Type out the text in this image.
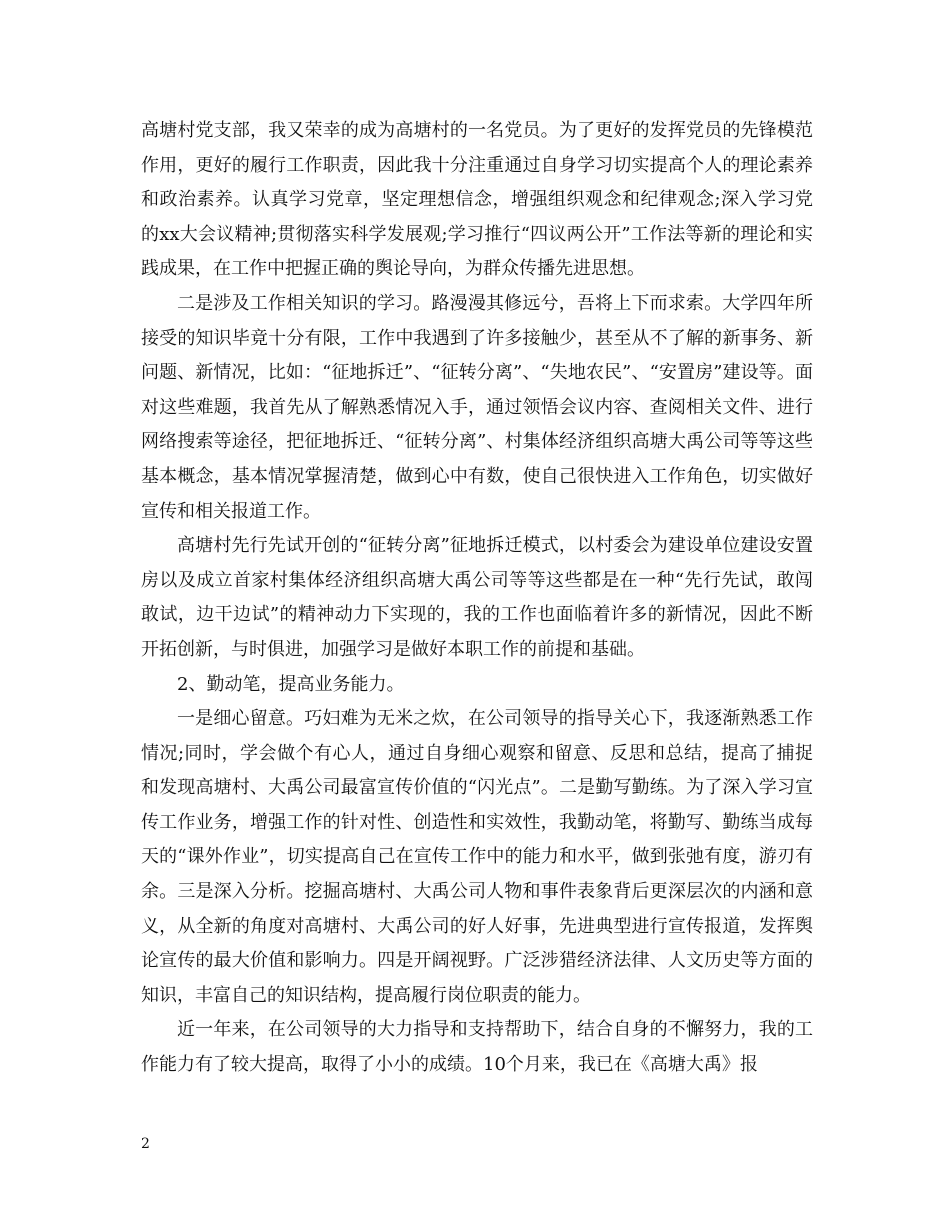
高塘村党支部，我又荣幸的成为高塘村的一名党员。为了更好的发挥党员的先锋模范作用，更好的履行工作职责，因此我十分注重通过自身学习切实提高个人的理论素养和政治素养。认真学习党章，坚定理想信念，增强组织观念和纪律观念;深入学习党的xx大会议精神;贯彻落实科学发展观;学习推行“四议两公开”工作法等新的理论和实践成果，在工作中把握正确的舆论导向，为群众传播先进思想。

二是涉及工作相关知识的学习。路漫漫其修远兮，吾将上下而求索。大学四年所接受的知识毕竟十分有限，工作中我遇到了许多接触少，甚至从不了解的新事务、新问题、新情况，比如：“征地拆迁”、“征转分离”、“失地农民”、“安置房”建设等。面对这些难题，我首先从了解熟悉情况入手，通过领悟会议内容、查阅相关文件、进行网络搜索等途径，把征地拆迁、“征转分离”、村集体经济组织高塘大禹公司等等这些基本概念，基本情况掌握清楚，做到心中有数，使自己很快进入工作角色，切实做好宣传和相关报道工作。

高塘村先行先试开创的“征转分离”征地拆迁模式，以村委会为建设单位建设安置房以及成立首家村集体经济组织高塘大禹公司等等这些都是在一种“先行先试，敢闯敢试，边干边试”的精神动力下实现的，我的工作也面临着许多的新情况，因此不断开拓创新，与时俱进，加强学习是做好本职工作的前提和基础。

2、勤动笔，提高业务能力。

一是细心留意。巧妇难为无米之炊，在公司领导的指导关心下，我逐渐熟悉工作情况;同时，学会做个有心人，通过自身细心观察和留意、反思和总结，提高了捕捉和发现高塘村、大禹公司最富宣传价值的“闪光点”。二是勤写勤练。为了深入学习宣传工作业务，增强工作的针对性、创造性和实效性，我勤动笔，将勤写、勤练当成每天的“课外作业”，切实提高自己在宣传工作中的能力和水平，做到张弛有度，游刃有余。三是深入分析。挖掘高塘村、大禹公司人物和事件表象背后更深层次的内涵和意义，从全新的角度对高塘村、大禹公司的好人好事，先进典型进行宣传报道，发挥舆论宣传的最大价值和影响力。四是开阔视野。广泛涉猎经济法律、人文历史等方面的知识，丰富自己的知识结构，提高履行岗位职责的能力。

近一年来，在公司领导的大力指导和支持帮助下，结合自身的不懈努力，我的工作能力有了较大提高，取得了小小的成绩。10个月来，我已在《高塘大禹》报

2
